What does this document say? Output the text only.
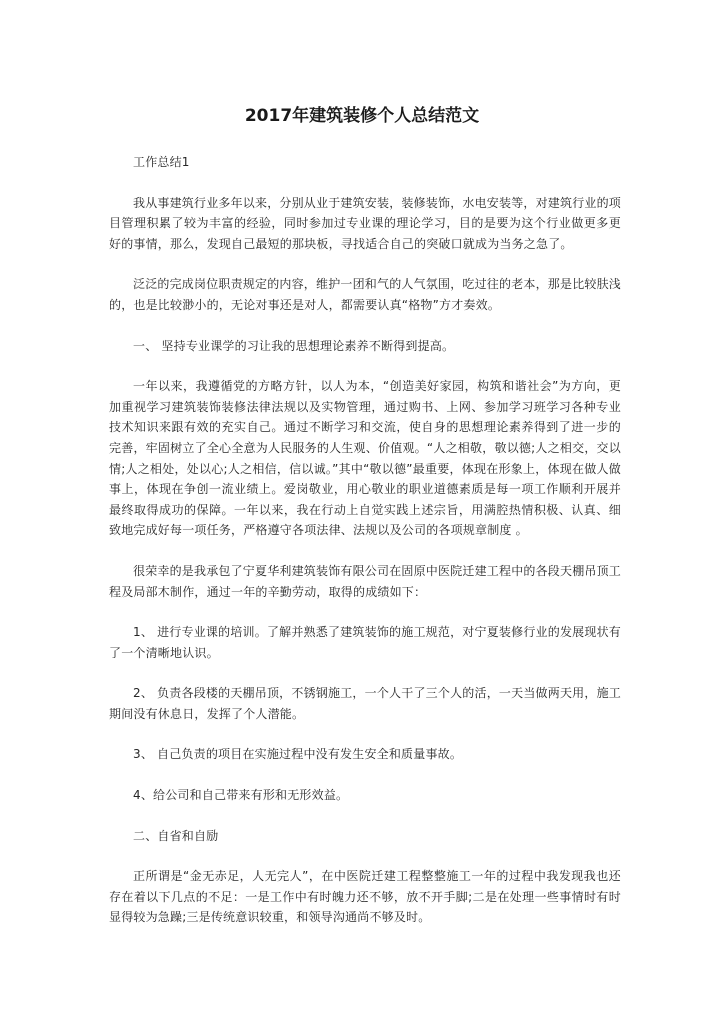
2017年建筑装修个人总结范文

工作总结1

我从事建筑行业多年以来，分别从业于建筑安装，装修装饰，水电安装等，对建筑行业的项目管理积累了较为丰富的经验，同时参加过专业课的理论学习，目的是要为这个行业做更多更好的事情，那么，发现自己最短的那块板，寻找适合自己的突破口就成为当务之急了。

泛泛的完成岗位职责规定的内容，维护一团和气的人气氛围，吃过往的老本，那是比较肤浅的，也是比较渺小的，无论对事还是对人，都需要认真“格物”方才奏效。

一、 坚持专业课学的习让我的思想理论素养不断得到提高。

一年以来，我遵循党的方略方针，以人为本，“创造美好家园，构筑和谐社会”为方向，更加重视学习建筑装饰装修法律法规以及实物管理，通过购书、上网、参加学习班学习各种专业技术知识来跟有效的充实自己。通过不断学习和交流，使自身的思想理论素养得到了进一步的完善，牢固树立了全心全意为人民服务的人生观、价值观。“人之相敬，敬以德;人之相交，交以情;人之相处，处以心;人之相信，信以诚。”其中“敬以德”最重要，体现在形象上，体现在做人做事上，体现在争创一流业绩上。爱岗敬业，用心敬业的职业道德素质是每一项工作顺利开展并最终取得成功的保障。一年以来，我在行动上自觉实践上述宗旨，用满腔热情积极、认真、细致地完成好每一项任务，严格遵守各项法律、法规以及公司的各项规章制度 。

很荣幸的是我承包了宁夏华利建筑装饰有限公司在固原中医院迁建工程中的各段天棚吊顶工程及局部木制作，通过一年的辛勤劳动，取得的成绩如下：

1、 进行专业课的培训。了解并熟悉了建筑装饰的施工规范，对宁夏装修行业的发展现状有了一个清晰地认识。

2、 负责各段楼的天棚吊顶，不锈钢施工，一个人干了三个人的活，一天当做两天用，施工期间没有休息日，发挥了个人潜能。

3、 自己负责的项目在实施过程中没有发生安全和质量事故。

4、给公司和自己带来有形和无形效益。

二、自省和自励

正所谓是“金无赤足，人无完人”，在中医院迁建工程整整施工一年的过程中我发现我也还存在着以下几点的不足：一是工作中有时魄力还不够，放不开手脚;二是在处理一些事情时有时显得较为急躁;三是传统意识较重，和领导沟通尚不够及时。
